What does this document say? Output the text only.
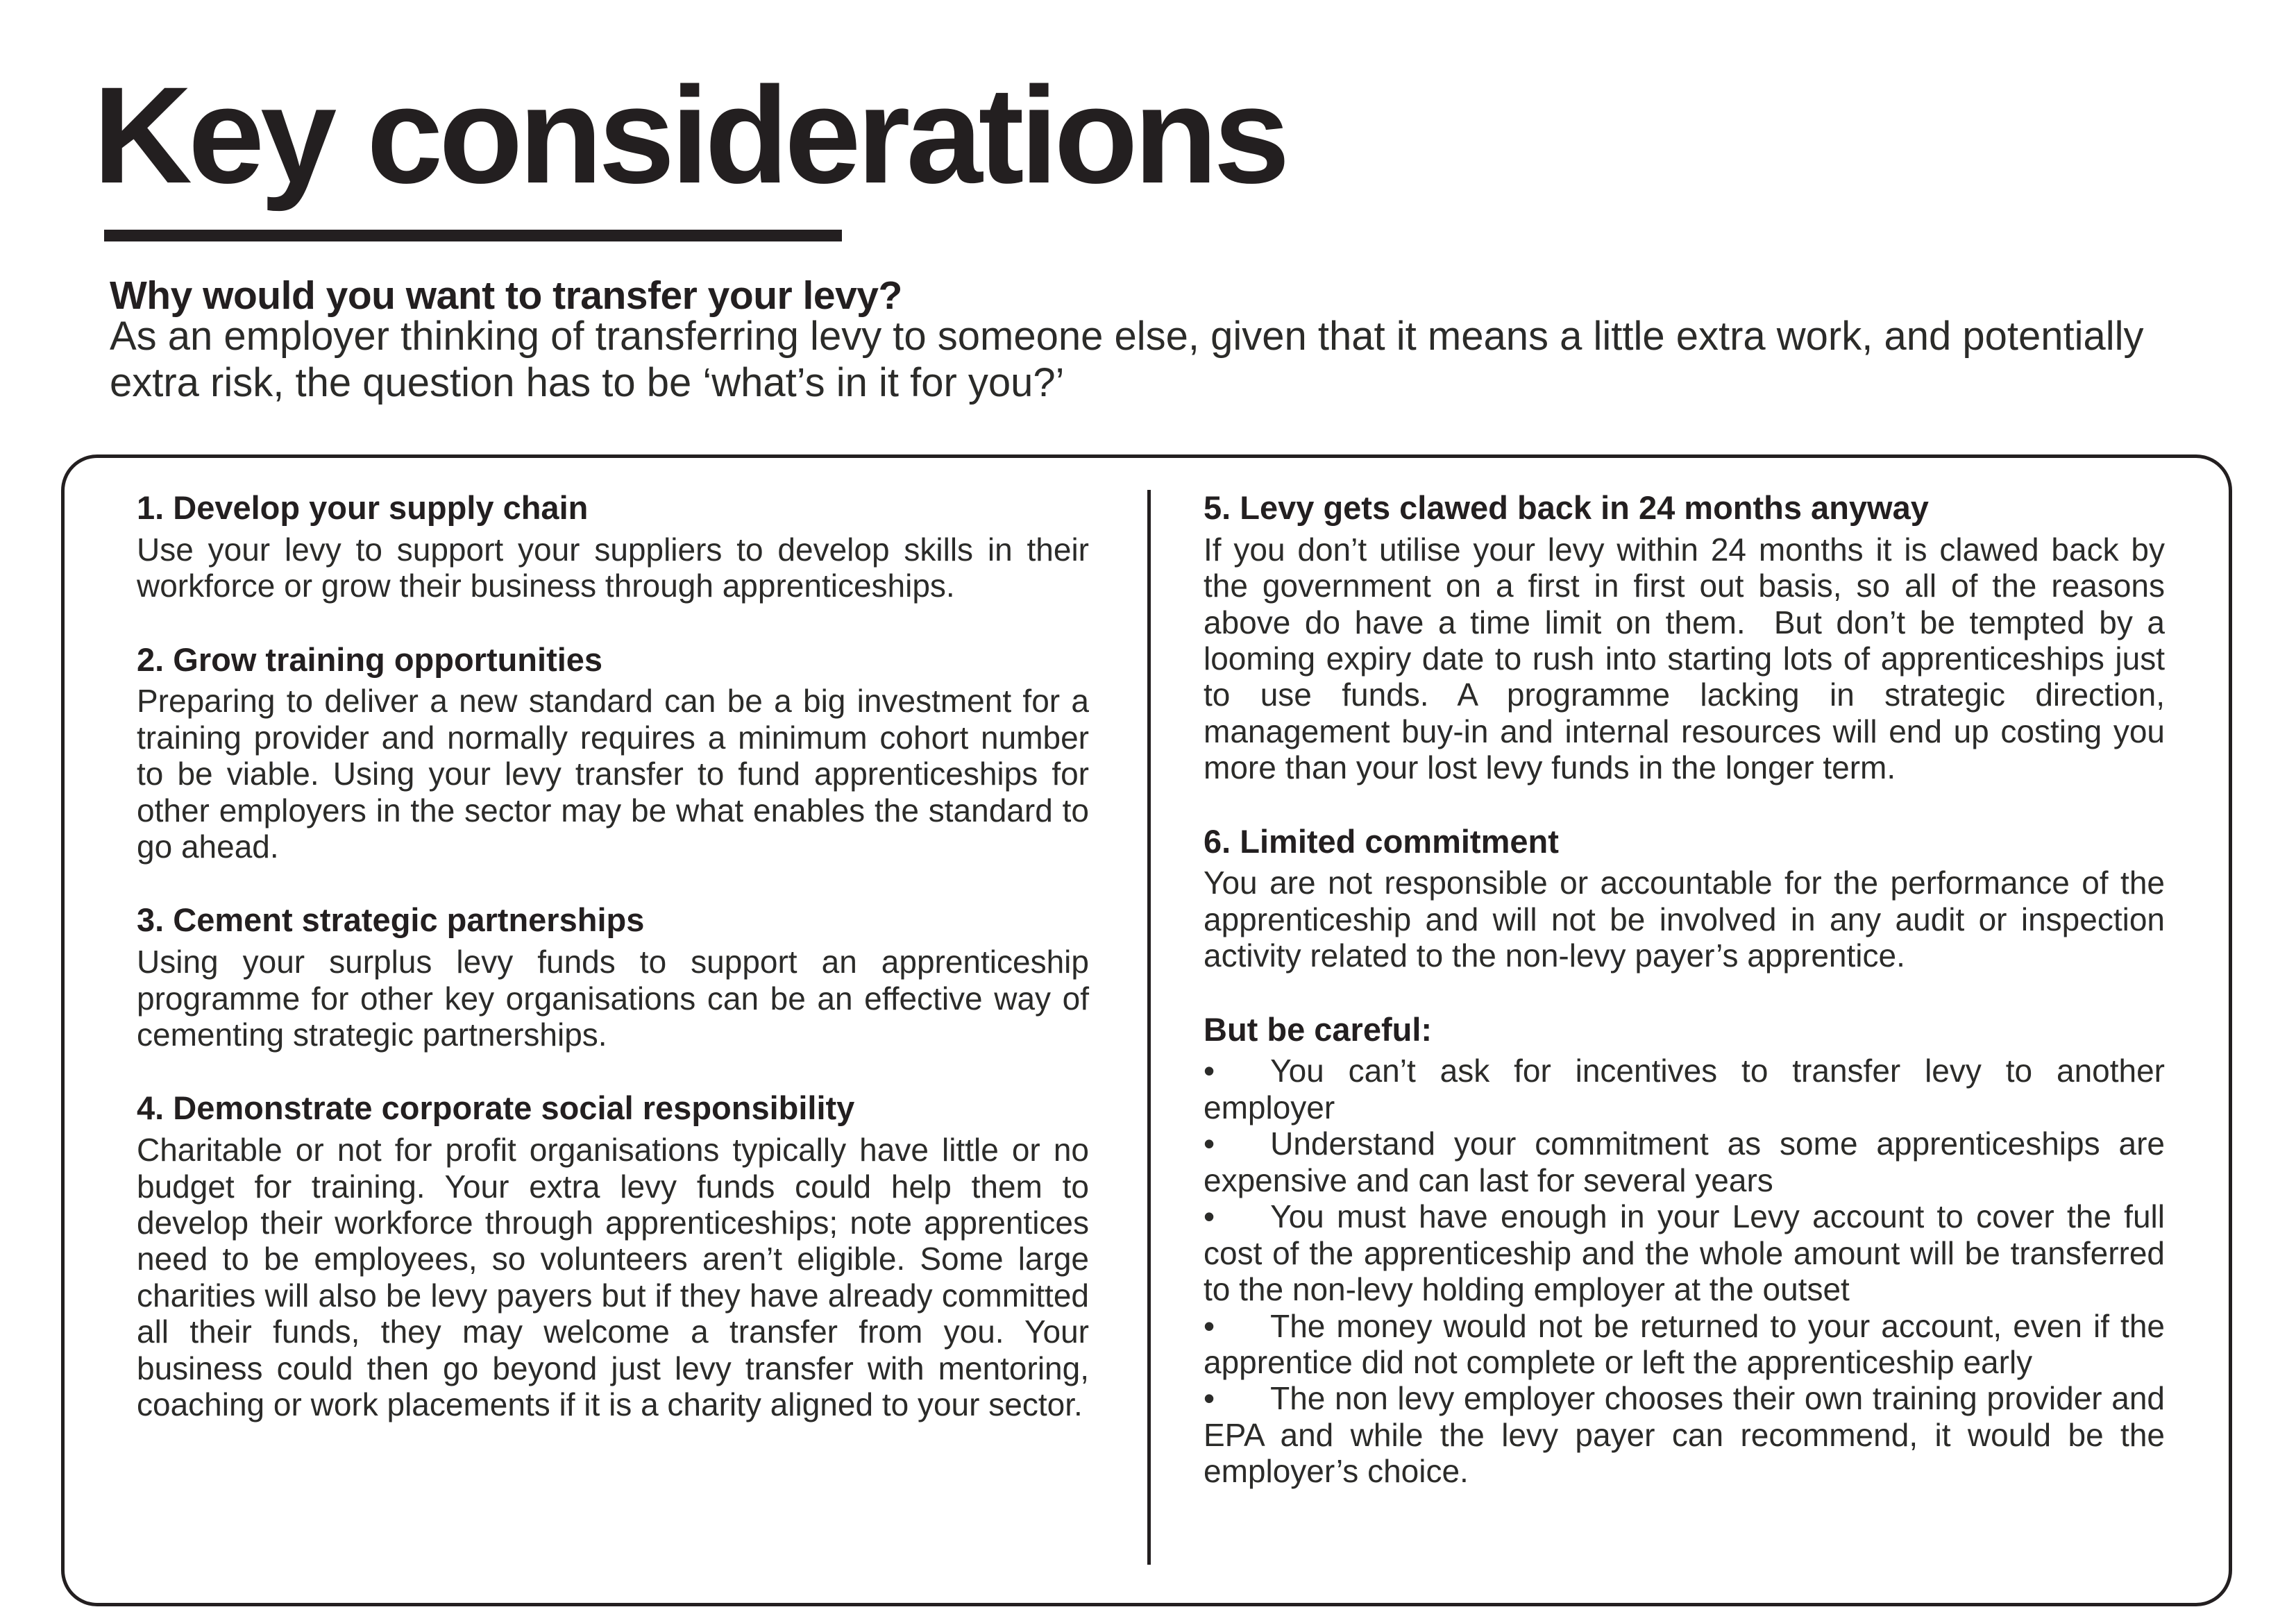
Key considerations
Why would you want to transfer your levy?

As an employer thinking of transferring levy to someone else, given that it means a little extra work, and potentially extra risk, the question has to be ‘what’s in it for you?’

1. Develop your supply chain

Use your levy to support your suppliers to develop skills in their workforce or grow their business through apprenticeships.

2. Grow training opportunities

Preparing to deliver a new standard can be a big investment for a training provider and normally requires a minimum cohort number to be viable. Using your levy transfer to fund apprenticeships for other employers in the sector may be what enables the standard to go ahead.

3. Cement strategic partnerships

Using your surplus levy funds to support an apprenticeship programme for other key organisations can be an effective way of cementing strategic partnerships.

4. Demonstrate corporate social responsibility

Charitable or not for profit organisations typically have little or no budget for training. Your extra levy funds could help them to develop their workforce through apprenticeships; note apprentices need to be employees, so volunteers aren’t eligible. Some large charities will also be levy payers but if they have already committed all their funds, they may welcome a transfer from you. Your business could then go beyond just levy transfer with mentoring, coaching or work placements if it is a charity aligned to your sector.

5. Levy gets clawed back in 24 months anyway

If you don’t utilise your levy within 24 months it is clawed back by the government on a first in first out basis, so all of the reasons above do have a time limit on them.  But don’t be tempted by a looming expiry date to rush into starting lots of apprenticeships just to use funds. A programme lacking in strategic direction, management buy-in and internal resources will end up costing you more than your lost levy funds in the longer term.

6. Limited commitment

You are not responsible or accountable for the performance of the apprenticeship and will not be involved in any audit or inspection activity related to the non-levy payer’s apprentice.

But be careful:

• You can’t ask for incentives to transfer levy to another employer

• Understand your commitment as some apprenticeships are expensive and can last for several years

• You must have enough in your Levy account to cover the full cost of the apprenticeship and the whole amount will be transferred to the non-levy holding employer at the outset

• The money would not be returned to your account, even if the apprentice did not complete or left the apprenticeship early

• The non levy employer chooses their own training provider and EPA and while the levy payer can recommend, it would be the employer’s choice.
